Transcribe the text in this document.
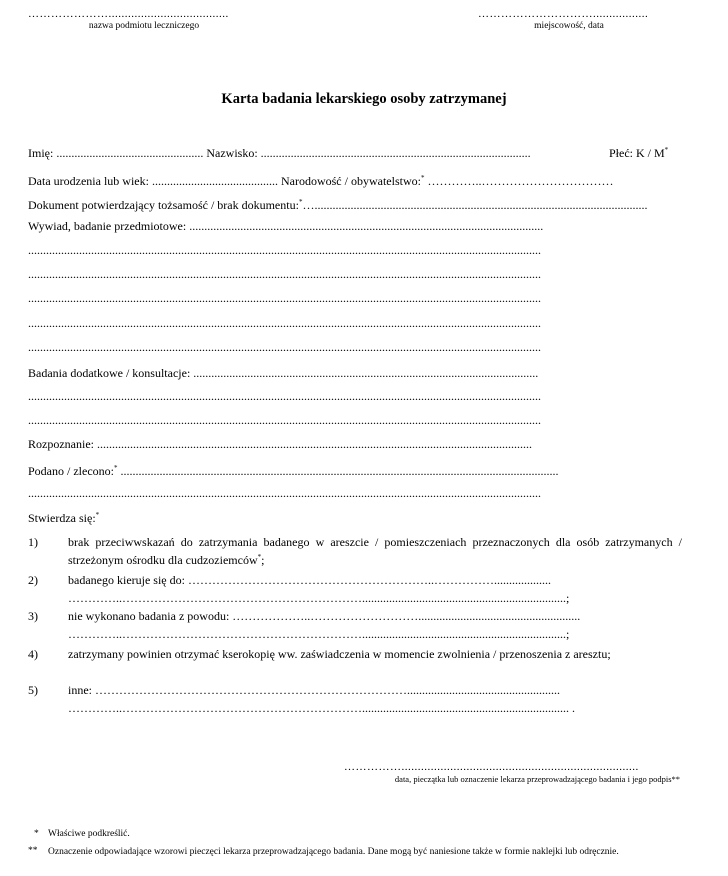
………………….....................................
nazwa podmiotu leczniczego
………………………….................
miejscowość, data
Karta badania lekarskiego osoby zatrzymanej
Imię: ................................................. Nazwisko: ..........................................................................................	Płeć: K / M*
Data urodzenia lub wiek: .......................................... Narodowość / obywatelstwo:* …………..……………………………
Dokument potwierdzający tożsamość / brak dokumentu:*…...............................................................................................................
Wywiad, badanie przedmiotowe: ......................................................................................................................
...........................................................................................................................................................................
...........................................................................................................................................................................
...........................................................................................................................................................................
...........................................................................................................................................................................
...........................................................................................................................................................................
Badania dodatkowe / konsultacje: ...................................................................................................................
...........................................................................................................................................................................
...........................................................................................................................................................................
Rozpoznanie: .................................................................................................................................................
Podano / zlecono:* ..................................................................................................................................................
...........................................................................................................................................................................
Stwierdza się:*
1)	brak przeciwwskazań do zatrzymania badanego w areszcie / pomieszczeniach przeznaczonych dla osób zatrzymanych / strzeżonym ośrodku dla cudzoziemców*;
2)	badanego kieruje się do: ……………………………………………………..……………...................
…………..……………………………………………………....................................................................;
3)	nie wykonano badania z powodu: ………………..………………………......................................................
…………..……………………………………………………....................................................................;
4)	zatrzymany powinien otrzymać kserokopię ww. zaświadczenia w momencie zwolnienia / przenoszenia z aresztu;
5)	inne: ……………………………………………………………………...................................................
…………..……………………………………………………..................................................................... .
…………….........................................................................
data, pieczątka lub oznaczenie lekarza przeprowadzającego badania i jego podpis**
* Właściwe podkreślić.
** Oznaczenie odpowiadające wzorowi pieczęci lekarza przeprowadzającego badania. Dane mogą być naniesione także w formie naklejki lub odręcznie.
